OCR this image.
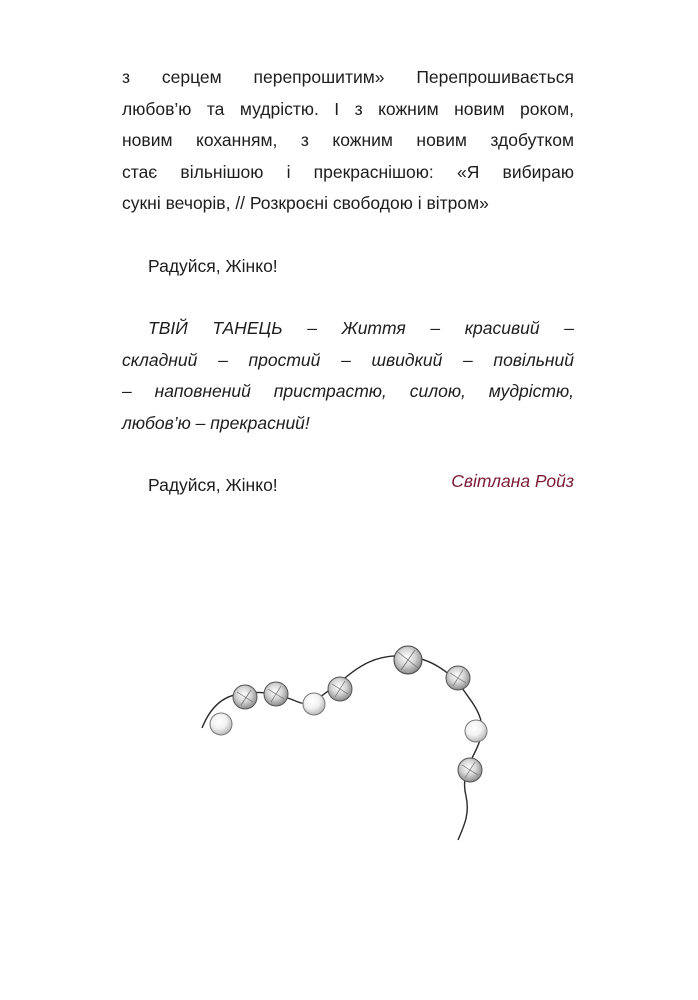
з серцем перепрошитим» Перепрошивається
любов’ю та мудрістю. І з кожним новим роком,
новим коханням, з кожним новим здобутком
стає вільнішою і прекраснішою: «Я вибираю
сукні вечорів, // Розкроєні свободою і вітром»
Радуйся, Жінко!
ТВІЙ ТАНЕЦЬ – Життя – красивий –
складний – простий – швидкий – повільний
– наповнений пристрастю, силою, мудрістю,
любов’ю – прекрасний!
Радуйся, Жінко!	Світлана Ройз
